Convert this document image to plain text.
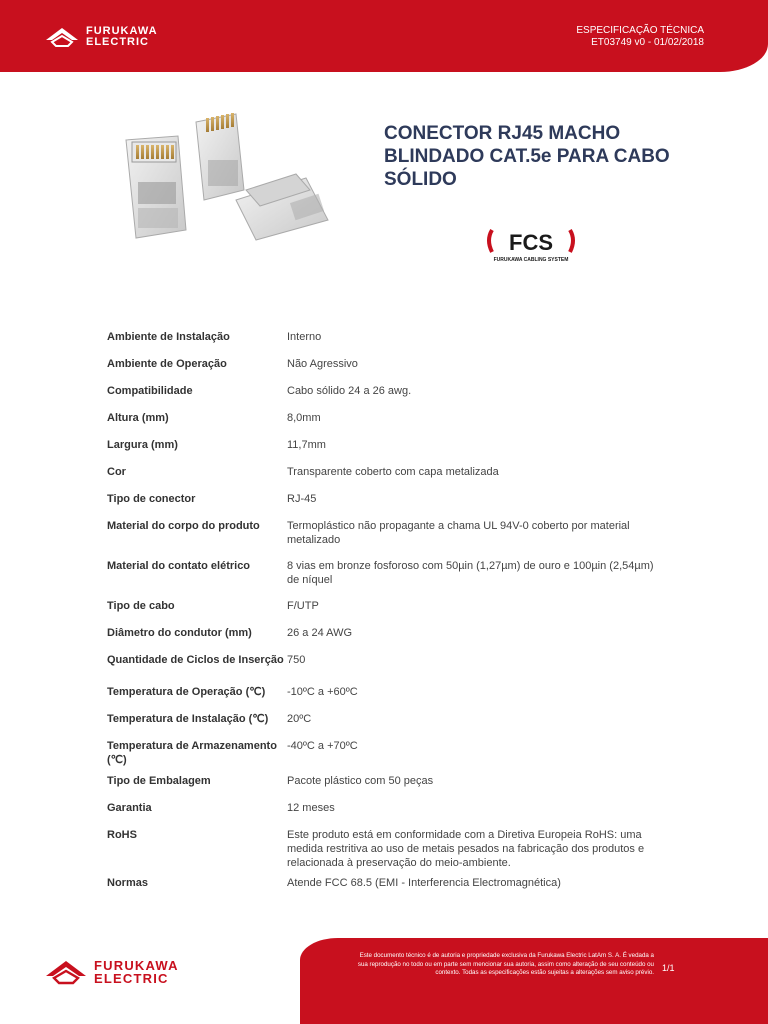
FURUKAWA
ELECTRIC
ESPECIFICAÇÃO TÉCNICA
ET03749 v0 - 01/02/2018
CONECTOR RJ45 MACHO BLINDADO CAT.5e PARA CABO SÓLIDO
FCS
FURUKAWA CABLING SYSTEM
Ambiente de Instalação	Interno
Ambiente de Operação	Não Agressivo
Compatibilidade	Cabo sólido 24 a 26 awg.
Altura (mm)	8,0mm
Largura (mm)	11,7mm
Cor	Transparente coberto com capa metalizada
Tipo de conector	RJ-45
Material do corpo do produto	Termoplástico não propagante a chama UL 94V-0 coberto por material metalizado
Material do contato elétrico	8 vias em bronze fosforoso com 50µin (1,27µm) de ouro e 100µin (2,54µm) de níquel
Tipo de cabo	F/UTP
Diâmetro do condutor (mm)	26 a 24 AWG
Quantidade de Ciclos de Inserção	750
Temperatura de Operação (℃)	-10ºC a +60ºC
Temperatura de Instalação (℃)	20ºC
Temperatura de Armazenamento (℃)	-40ºC a +70ºC
Tipo de Embalagem	Pacote plástico com 50 peças
Garantia	12 meses
RoHS	Este produto está em conformidade com a Diretiva Europeia RoHS: uma medida restritiva ao uso de metais pesados na fabricação dos produtos e relacionada à preservação do meio-ambiente.
Normas	Atende FCC 68.5 (EMI - Interferencia Electromagnética)
Este documento técnico é de autoria e propriedade exclusiva da Furukawa Electric LatAm S. A. É vedada a sua reprodução no todo ou em parte sem mencionar sua autoria, assim como alteração de seu conteúdo ou contexto. Todas as especificações estão sujeitas a alterações sem aviso prévio. 1/1
FURUKAWA
ELECTRIC
